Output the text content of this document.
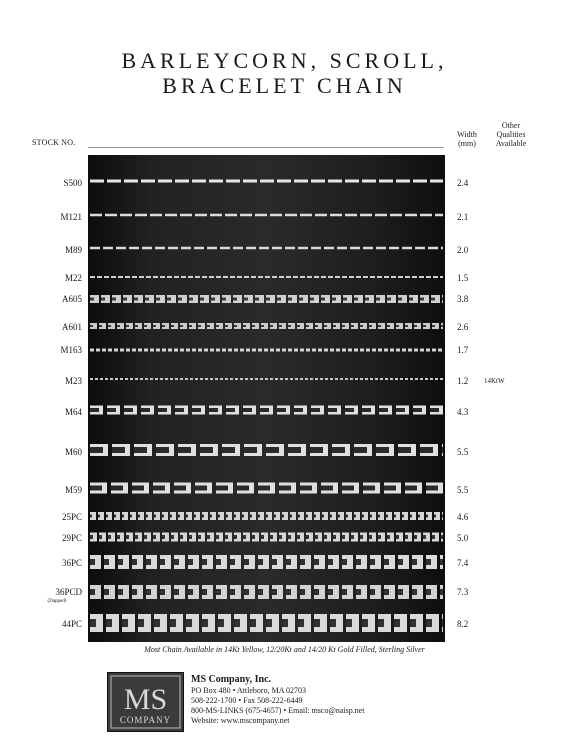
BARLEYCORN, SCROLL,
BRACELET CHAIN
STOCK NO.
Width
(mm)
Other
Qualities
Available
S500
M121
M89
M22
A605
A601
M163
M23
M64
M60
M59
25PC
29PC
36PC
36PCD
(Dapped)
44PC
2.4
2.1
2.0
1.5
3.8
2.6
1.7
1.2
4.3
5.5
5.5
4.6
5.0
7.4
7.3
8.2
14KtW
Most Chain Available in 14Kt Yellow, 12/20Kt and 14/20 Kt Gold Filled, Sterling Silver
MS
COMPANY
MS Company, Inc.
PO Box 480 • Attleboro, MA 02703
508-222-1700 • Fax 508-222-6449
800-MS-LINKS (675-4657) • Email: msco@naisp.net
Website: www.mscompany.net
